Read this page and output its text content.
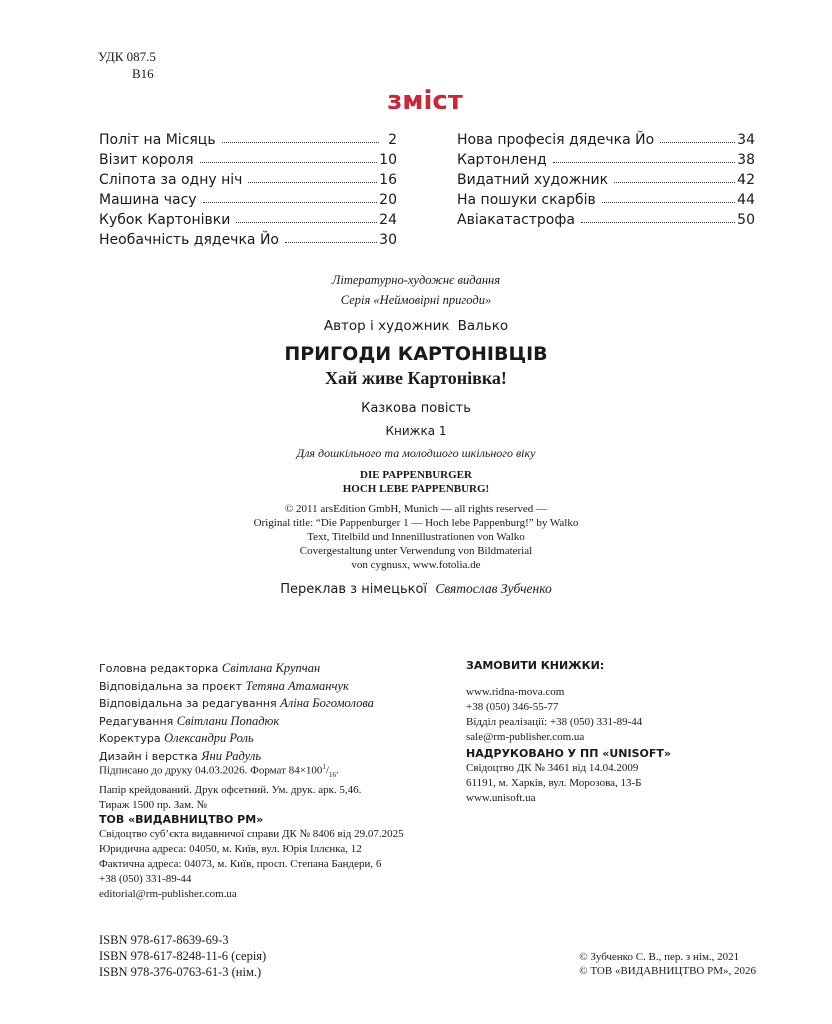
УДК 087.5
В16
зміст
Політ на Місяць	2
Візит короля	10
Сліпота за одну ніч	16
Машина часу	20
Кубок Картонівки	24
Необачність дядечка Йо	30
Нова професія дядечка Йо	34
Картонленд	38
Видатний художник	42
На пошуки скарбів	44
Авіакатастрофа	50
Літературно-художнє видання
Серія «Неймовірні пригоди»
Автор і художник Валько
ПРИГОДИ КАРТОНІВЦІВ
Хай живе Картонівка!
Казкова повість
Книжка 1
Для дошкільного та молодшого шкільного віку
DIE PAPPENBURGER
HOCH LEBE PAPPENBURG!
© 2011 arsEdition GmbH, Munich — all rights reserved —
Original title: “Die Pappenburger 1 — Hoch lebe Pappenburg!” by Walko
Text, Titelbild und Innenillustrationen von Walko
Covergestaltung unter Verwendung von Bildmaterial
von cygnusx, www.fotolia.de
Переклав з німецької Святослав Зубченко
Головна редакторка Світлана Крупчан
Відповідальна за проєкт Тетяна Атаманчук
Відповідальна за редагування Аліна Богомолова
Редагування Світлани Попадюк
Коректура Олександри Роль
Дизайн і верстка Яни Радуль
Підписано до друку 04.03.2026. Формат $84\times 100^1/_{16}$.
Папір крейдований. Друк офсетний. Ум. друк. арк. 5,46.
Тираж 1500 пр. Зам. №
ТОВ «ВИДАВНИЦТВО РМ»
Свідоцтво суб’єкта видавничої справи ДК № 8406 від 29.07.2025
Юридична адреса: 04050, м. Київ, вул. Юрія Іллєнка, 12
Фактична адреса: 04073, м. Київ, просп. Степана Бандери, 6
+38 (050) 331-89-44
editorial@rm-publisher.com.ua
ЗАМОВИТИ КНИЖКИ:
www.ridna-mova.com
+38 (050) 346-55-77
Відділ реалізації: +38 (050) 331-89-44
sale@rm-publisher.com.ua
НАДРУКОВАНО У ПП «UNISOFT»
Свідоцтво ДК № 3461 від 14.04.2009
61191, м. Харків, вул. Морозова, 13-Б
www.unisoft.ua
ISBN 978-617-8639-69-3
ISBN 978-617-8248-11-6 (серія)
ISBN 978-376-0763-61-3 (нім.)
© Зубченко С. В., пер. з нім., 2021
© ТОВ «ВИДАВНИЦТВО РМ», 2026
